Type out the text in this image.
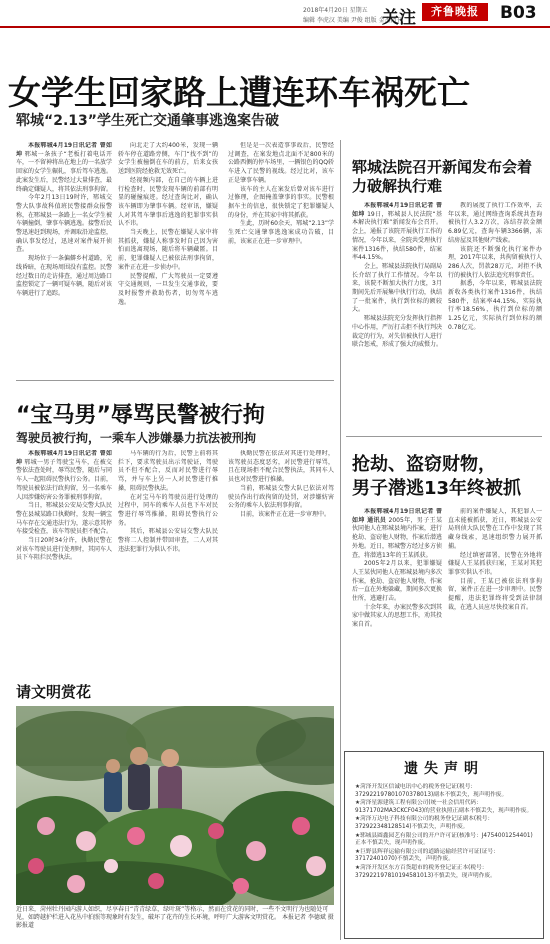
2018年4月20日 星期五
编辑 李虎汉 美编 尹俊 组版 金杰清刊
关注	齐鲁晚报	B03
女学生回家路上遭连环车祸死亡
郓城“2.13”学生死亡交通肇事逃逸案告破

本报郓城4月19日讯记者 曾如坤 郓城一条孩子“老板打着电话开车，一不留神将出在地上的一名放学回家的女学生辗轧，事后驾车逃逸。此案发生后，民警经过大量排查，最终确定嫌疑人，将其依法刑事拘留。

今年2月13日19时许，郓城交警大队事故科值班民警接群众报警称，在郓城县一条路上一名女学生被车辆撞倒，肇事车辆逃逸。接警后民警迅速赶到现场，并调取沿途监控，确认事发经过，迅速对案件展开侦查。

现场位于一条偏僻乡村道路，光线昏暗，在现场周围没有监控。民警经过数日的走访排查，通过周边路口监控锁定了一辆可疑车辆，随后对该车辆进行了追踪。

向北走了大约400米，发现一辆轿车停在道路旁侧，车门“找不到”的女学生被撞倒在车的前方，后来女孩送到医院经抢救无效死亡。

经视频内部，在自己的车辆上进行检查时，民警发现车辆的前部有明显的碰撞痕迹。经过查询比对，确认该车辆即为肇事车辆。经审讯，嫌疑人对其驾车肇事后逃逸的犯罪事实供认不讳。

当天晚上，民警在嫌疑人家中将其抓获，嫌疑人称事发时自己因为害怕而逃离现场，随后将车辆藏匿。目前，犯罪嫌疑人已被依法刑事拘留，案件正在进一步侦办中。

民警提醒，广大驾驶员一定要遵守交通规则，一旦发生交通事故，要及时报警并救助伤者，切勿驾车逃逸。

但是是一次表造事事故后，民警经过调查，在案发地点北面不足800米的公路西侧的停车场里，一辆银色的QQ轿车进入了民警的视线。经过比对，该车正是肇事车辆。

该车的主人在案发后曾对该车进行过修理，企图掩盖肇事的事实。民警根据车主的信息，很快锁定了犯罪嫌疑人的身份，并在其家中将其抓获。

生此，历时60余天，郓城“2.13”学生死亡交通肇事逃逸案成功告破，目前，该案正在进一步审理中。

郓城法院召开新闻发布会着力破解执行难

本报郓城4月19日讯记者 曾如坤 19日，郓城县人民法院“基本解决执行难”新闻发布会召开。会上，通报了该院开展执行工作的情况，今年以来，全院共受理执行案件1316件，执结580件，结案率44.15%。

会上，郓城县法院执行局副局长介绍了执行工作情况。今年以来，该院不断加大执行力度，3月期间先后开展集中执行行动，执结了一批案件，执行到位标的额较大。

郓城县法院充分发挥执行指挥中心作用，严厉打击拒不执行判决裁定的行为，对失信被执行人进行联合惩戒，形成了强大的威慑力。

教的展度了执行工作效率，去年以来，通过网络查询系统共查询被执行人3.2万次，冻结存款金额6.89亿元，查询车辆3366辆，冻结房屋及其他财产线索。

该院还不断强化执行案件办理，2017年以来，共拘留被执行人286人次，罚款28万元，对拒不执行的被执行人依法追究刑事责任。

据悉，今年以来，郓城县法院新收各类执行案件1316件，执结580件，结案率44.15%，实际执行率18.56%，执行到位标的额1.25亿元，实际执行到位标的额0.78亿元。

“宝马男”辱骂民警被行拘
驾驶员被行拘，一乘车人涉嫌暴力抗法被刑拘

本报郓城4月19日讯记者 曾如坤 郓城一男子驾驶宝马车，在被交警依法查处时，辱骂民警，随后与同车人一起阻碍民警执行公务。目前，驾驶员被依法行政拘留，另一名乘车人因涉嫌妨害公务罪被刑事拘留。

当日，郓城县公安局交警大队民警在县城某路口执勤时，发现一辆宝马车存在交通违法行为，遂示意其停车接受检查，该车驾驶员拒不配合。

当日20时34分许，执勤民警在对该车驾驶员进行处理时，其同车人员下车阻拦民警执法。

马车辆的行为后，民警上前将其拦下，要求驾驶员出示驾驶证，驾驶员不但不配合，反而对民警进行辱骂，并与车上另一人对民警进行推搡，阻碍民警执法。

在对宝马车的驾驶员进行处理的过程中，同车的乘车人员也下车对民警进行辱骂推搡，阻碍民警执行公务。

其后，郓城县公安局交警大队民警将二人控制并带回审查，二人对其违法犯罪行为供认不讳。

执勤民警在依法对其进行处理时，该驾驶员态度恶劣，对民警进行辱骂，且在现场拒不配合民警执法，其同车人员也对民警进行推搡。

当前，郓城县交警大队已依法对驾驶员作出行政拘留的处罚，对涉嫌妨害公务的乘车人依法刑事拘留。

目前，该案件正在进一步审理中。

抢劫、盗窃财物，
男子潜逃13年终被抓

本报郓城4月19日讯记者 曾如坤 通讯员 2005年，男子王某伙同他人在郓城县境内作案，进行抢劫、盗窃他人财物，作案后潜逃外地。近日，郓城警方经过多方侦查，将潜逃13年的王某抓获。

2005年2月以来，犯罪嫌疑人王某伙同他人在郓城县境内多次作案，抢劫、盗窃他人财物，作案后一直在外地躲藏，期间多次更换住所，逃避打击。

十余年来，办案民警多次到其家中做其家人的思想工作，劝其投案自首。

前的案件嫌疑人，其犯罪人一直未能被抓获，近日，郓城县公安局刑侦大队民警在工作中发现了其藏身线索，迅速组织警力展开抓捕。

经过缜密部署，民警在外地将嫌疑人王某抓获归案，王某对其犯罪事实供认不讳。

目前，王某已被依法刑事拘留，案件正在进一步审理中。民警提醒，违法犯罪终将受到法律制裁，在逃人员应尽快投案自首。

请文明赏花
近日来，菏州牡丹园内游人如织，尽享春日“青青绿草，绿叶斑”等格示，然而在赏花的同时，一些不文明行为也随处可见，如跨越护栏进入花丛中拍照等现象时有发生，破坏了花卉的生长环境，呼吁广大游客文明赏花。 本报记者 李德斌 摄影报道
遗失声明

★菏泽开发区信诚电讯中心的税务登记证(税号：372922197801070378013)副本不慎丢失，现声明作废。

★菏泽星源建筑工程有限公司(统一社会信用代码：91371702MA3CKCF043)的营业执照正副本不慎丢失，现声明作废。

★菏泽万达电子科技有限公司的税务登记证副本(税号：372922348128514)不慎丢失，声明作废。

★郓城县圆鑫园艺有限公司的开户许可证(核准号：J4754001254401)正本不慎丢失，现声明作废。

★巨野县辉祥运输有限公司的道路运输经营许可证(证号：37172401070)不慎丢失，声明作废。

★菏泽开发区东方百货超市的税务登记证正本(税号：372922197810194581013)不慎丢失，现声明作废。
